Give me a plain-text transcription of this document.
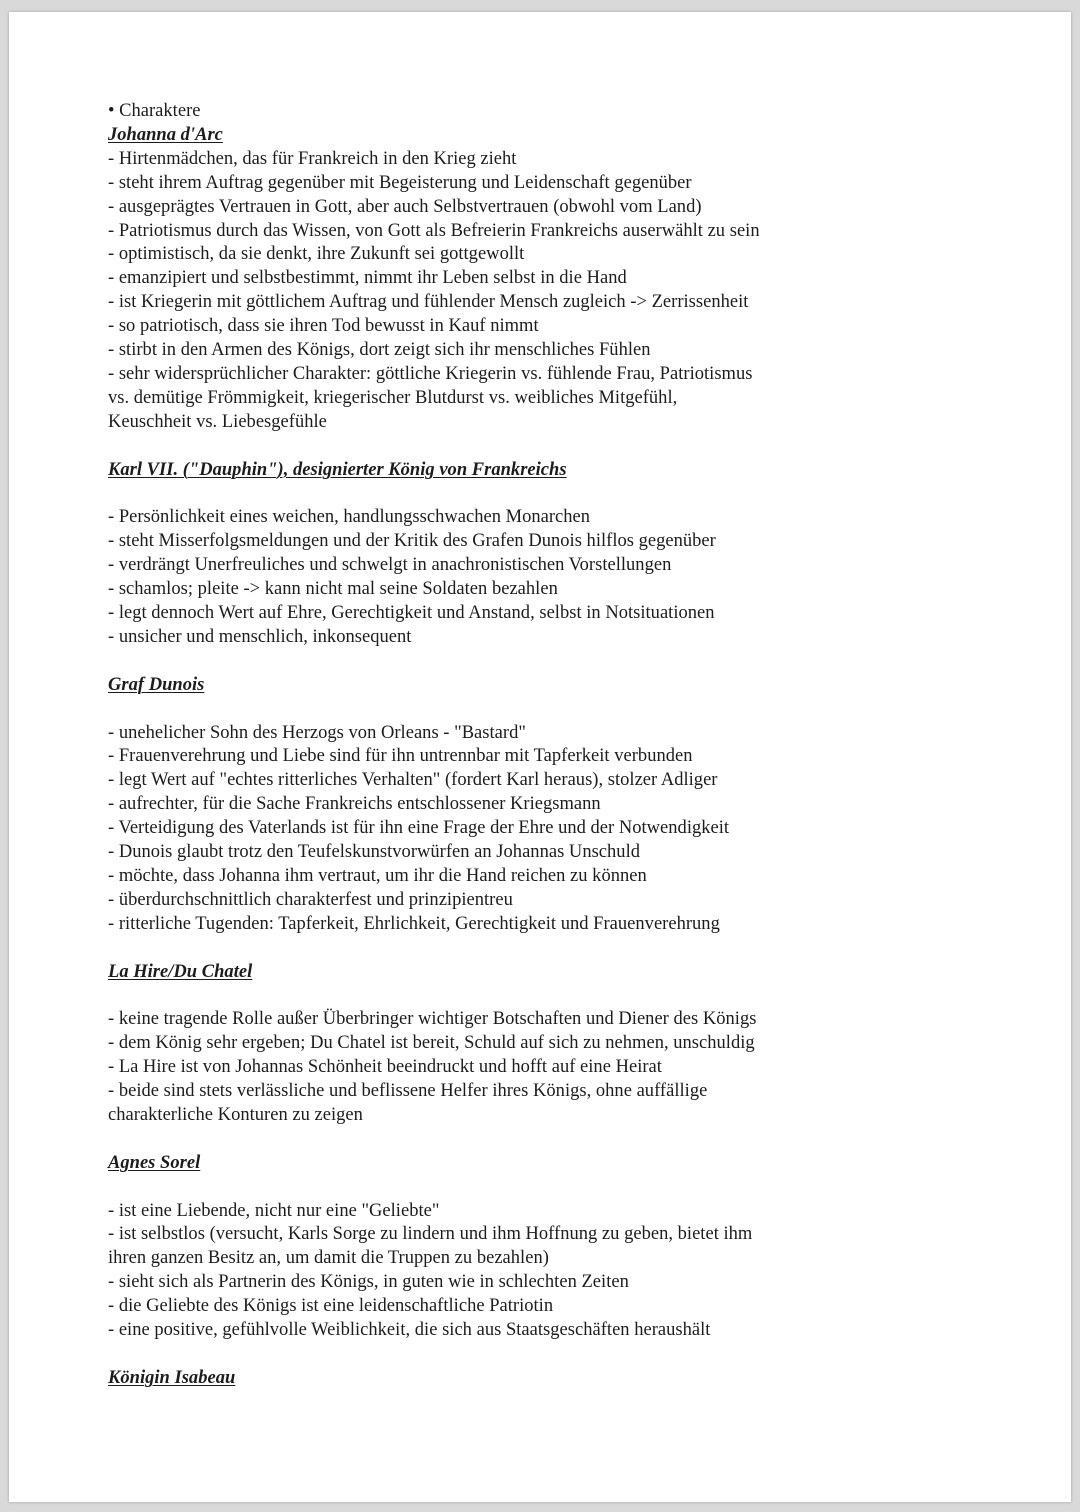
• Charaktere
Johanna d'Arc
- Hirtenmädchen, das für Frankreich in den Krieg zieht
- steht ihrem Auftrag gegenüber mit Begeisterung und Leidenschaft gegenüber
- ausgeprägtes Vertrauen in Gott, aber auch Selbstvertrauen (obwohl vom Land)
- Patriotismus durch das Wissen, von Gott als Befreierin Frankreichs auserwählt zu sein
- optimistisch, da sie denkt, ihre Zukunft sei gottgewollt
- emanzipiert und selbstbestimmt, nimmt ihr Leben selbst in die Hand
- ist Kriegerin mit göttlichem Auftrag und fühlender Mensch zugleich -> Zerrissenheit
- so patriotisch, dass sie ihren Tod bewusst in Kauf nimmt
- stirbt in den Armen des Königs, dort zeigt sich ihr menschliches Fühlen
- sehr widersprüchlicher Charakter: göttliche Kriegerin vs. fühlende Frau, Patriotismus
vs. demütige Frömmigkeit, kriegerischer Blutdurst vs. weibliches Mitgefühl,
Keuschheit vs. Liebesgefühle
Karl VII. ("Dauphin"), designierter König von Frankreichs
- Persönlichkeit eines weichen, handlungsschwachen Monarchen
- steht Misserfolgsmeldungen und der Kritik des Grafen Dunois hilflos gegenüber
- verdrängt Unerfreuliches und schwelgt in anachronistischen Vorstellungen
- schamlos; pleite -> kann nicht mal seine Soldaten bezahlen
- legt dennoch Wert auf Ehre, Gerechtigkeit und Anstand, selbst in Notsituationen
- unsicher und menschlich, inkonsequent
Graf Dunois
- unehelicher Sohn des Herzogs von Orleans - "Bastard"
- Frauenverehrung und Liebe sind für ihn untrennbar mit Tapferkeit verbunden
- legt Wert auf "echtes ritterliches Verhalten" (fordert Karl heraus), stolzer Adliger
- aufrechter, für die Sache Frankreichs entschlossener Kriegsmann
- Verteidigung des Vaterlands ist für ihn eine Frage der Ehre und der Notwendigkeit
- Dunois glaubt trotz den Teufelskunstvorwürfen an Johannas Unschuld
- möchte, dass Johanna ihm vertraut, um ihr die Hand reichen zu können
- überdurchschnittlich charakterfest und prinzipientreu
- ritterliche Tugenden: Tapferkeit, Ehrlichkeit, Gerechtigkeit und Frauenverehrung
La Hire/Du Chatel
- keine tragende Rolle außer Überbringer wichtiger Botschaften und Diener des Königs
- dem König sehr ergeben; Du Chatel ist bereit, Schuld auf sich zu nehmen, unschuldig
- La Hire ist von Johannas Schönheit beeindruckt und hofft auf eine Heirat
- beide sind stets verlässliche und beflissene Helfer ihres Königs, ohne auffällige
charakterliche Konturen zu zeigen
Agnes Sorel
- ist eine Liebende, nicht nur eine "Geliebte"
- ist selbstlos (versucht, Karls Sorge zu lindern und ihm Hoffnung zu geben, bietet ihm
ihren ganzen Besitz an, um damit die Truppen zu bezahlen)
- sieht sich als Partnerin des Königs, in guten wie in schlechten Zeiten
- die Geliebte des Königs ist eine leidenschaftliche Patriotin
- eine positive, gefühlvolle Weiblichkeit, die sich aus Staatsgeschäften heraushält
Königin Isabeau
